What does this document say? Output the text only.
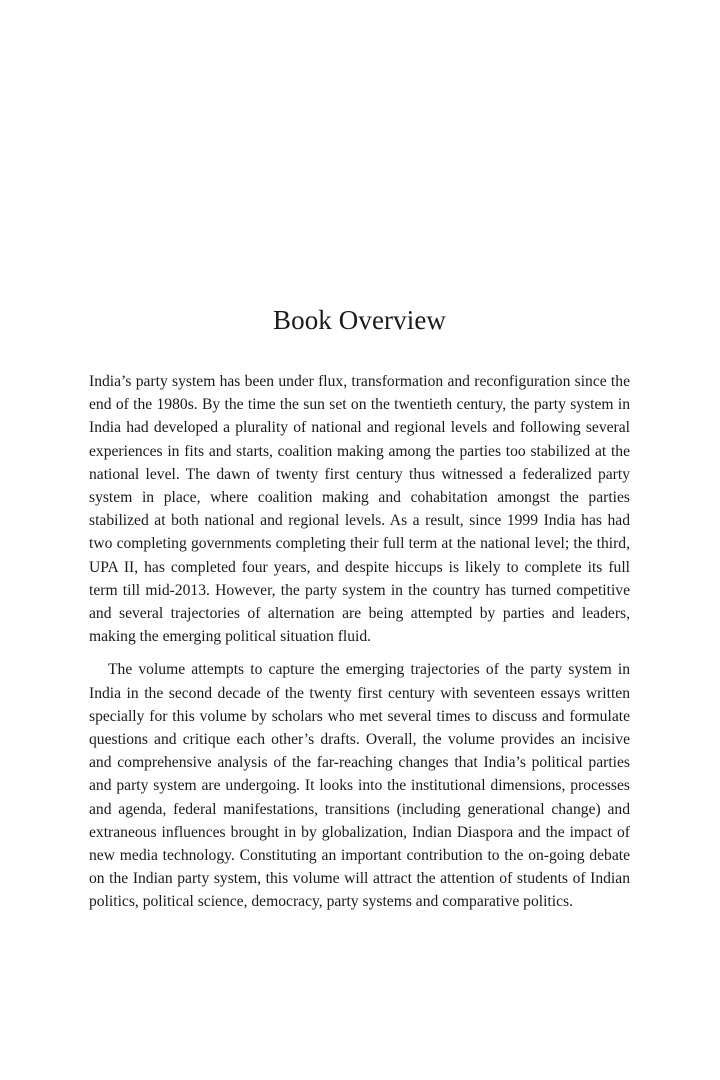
Book Overview

India’s party system has been under flux, transformation and reconfiguration since the end of the 1980s. By the time the sun set on the twentieth century, the party system in India had developed a plurality of national and regional levels and following several experiences in fits and starts, coalition making among the parties too stabilized at the national level. The dawn of twenty first century thus witnessed a federalized party system in place, where coalition making and cohabitation amongst the parties stabilized at both national and regional levels. As a result, since 1999 India has had two completing governments completing their full term at the national level; the third, UPA II, has completed four years, and despite hiccups is likely to complete its full term till mid-2013. However, the party system in the country has turned competitive and several trajectories of alternation are being attempted by parties and leaders, making the emerging political situation fluid.

The volume attempts to capture the emerging trajectories of the party system in India in the second decade of the twenty first century with seventeen essays written specially for this volume by scholars who met several times to discuss and formulate questions and critique each other’s drafts. Overall, the volume provides an incisive and comprehensive analysis of the far-reaching changes that India’s political parties and party system are undergoing. It looks into the institutional dimensions, processes and agenda, federal manifestations, transitions (including generational change) and extraneous influences brought in by globalization, Indian Diaspora and the impact of new media technology. Constituting an important contribution to the on-going debate on the Indian party system, this volume will attract the attention of students of Indian politics, political science, democracy, party systems and comparative politics.
